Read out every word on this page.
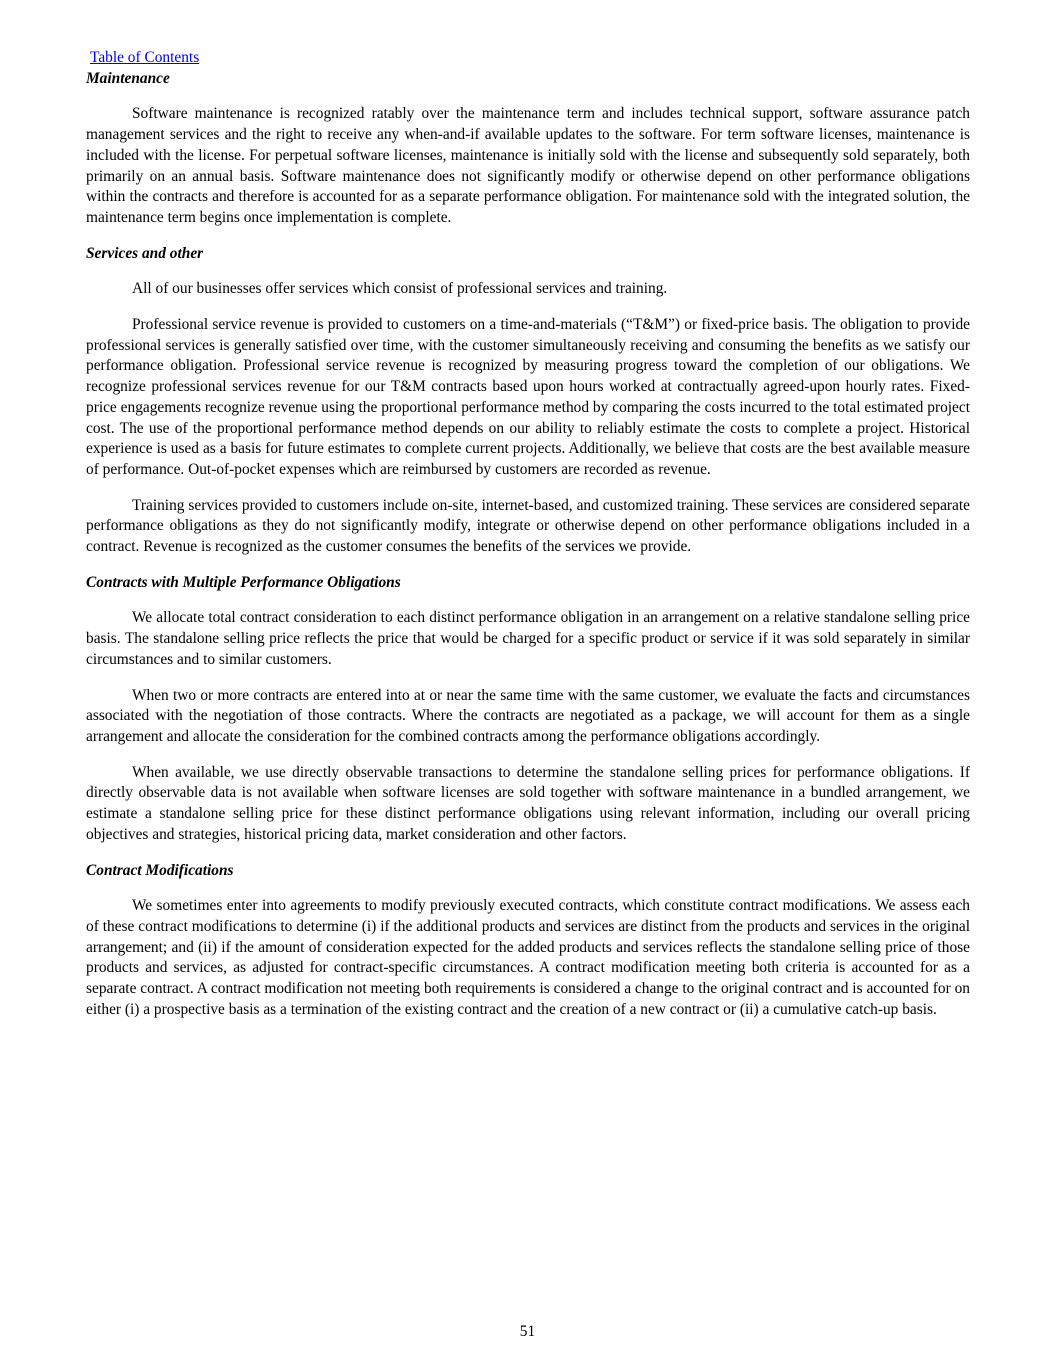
Table of Contents

Maintenance

Software maintenance is recognized ratably over the maintenance term and includes technical support, software assurance patch management services and the right to receive any when-and-if available updates to the software. For term software licenses, maintenance is included with the license. For perpetual software licenses, maintenance is initially sold with the license and subsequently sold separately, both primarily on an annual basis. Software maintenance does not significantly modify or otherwise depend on other performance obligations within the contracts and therefore is accounted for as a separate performance obligation. For maintenance sold with the integrated solution, the maintenance term begins once implementation is complete.

Services and other

All of our businesses offer services which consist of professional services and training.

Professional service revenue is provided to customers on a time-and-materials (“T&M”) or fixed-price basis. The obligation to provide professional services is generally satisfied over time, with the customer simultaneously receiving and consuming the benefits as we satisfy our performance obligation. Professional service revenue is recognized by measuring progress toward the completion of our obligations. We recognize professional services revenue for our T&M contracts based upon hours worked at contractually agreed-upon hourly rates. Fixed-price engagements recognize revenue using the proportional performance method by comparing the costs incurred to the total estimated project cost. The use of the proportional performance method depends on our ability to reliably estimate the costs to complete a project. Historical experience is used as a basis for future estimates to complete current projects. Additionally, we believe that costs are the best available measure of performance. Out-of-pocket expenses which are reimbursed by customers are recorded as revenue.

Training services provided to customers include on-site, internet-based, and customized training. These services are considered separate performance obligations as they do not significantly modify, integrate or otherwise depend on other performance obligations included in a contract. Revenue is recognized as the customer consumes the benefits of the services we provide.

Contracts with Multiple Performance Obligations

We allocate total contract consideration to each distinct performance obligation in an arrangement on a relative standalone selling price basis. The standalone selling price reflects the price that would be charged for a specific product or service if it was sold separately in similar circumstances and to similar customers.

When two or more contracts are entered into at or near the same time with the same customer, we evaluate the facts and circumstances associated with the negotiation of those contracts. Where the contracts are negotiated as a package, we will account for them as a single arrangement and allocate the consideration for the combined contracts among the performance obligations accordingly.

When available, we use directly observable transactions to determine the standalone selling prices for performance obligations. If directly observable data is not available when software licenses are sold together with software maintenance in a bundled arrangement, we estimate a standalone selling price for these distinct performance obligations using relevant information, including our overall pricing objectives and strategies, historical pricing data, market consideration and other factors.

Contract Modifications

We sometimes enter into agreements to modify previously executed contracts, which constitute contract modifications. We assess each of these contract modifications to determine (i) if the additional products and services are distinct from the products and services in the original arrangement; and (ii) if the amount of consideration expected for the added products and services reflects the standalone selling price of those products and services, as adjusted for contract-specific circumstances. A contract modification meeting both criteria is accounted for as a separate contract. A contract modification not meeting both requirements is considered a change to the original contract and is accounted for on either (i) a prospective basis as a termination of the existing contract and the creation of a new contract or (ii) a cumulative catch-up basis.

51
